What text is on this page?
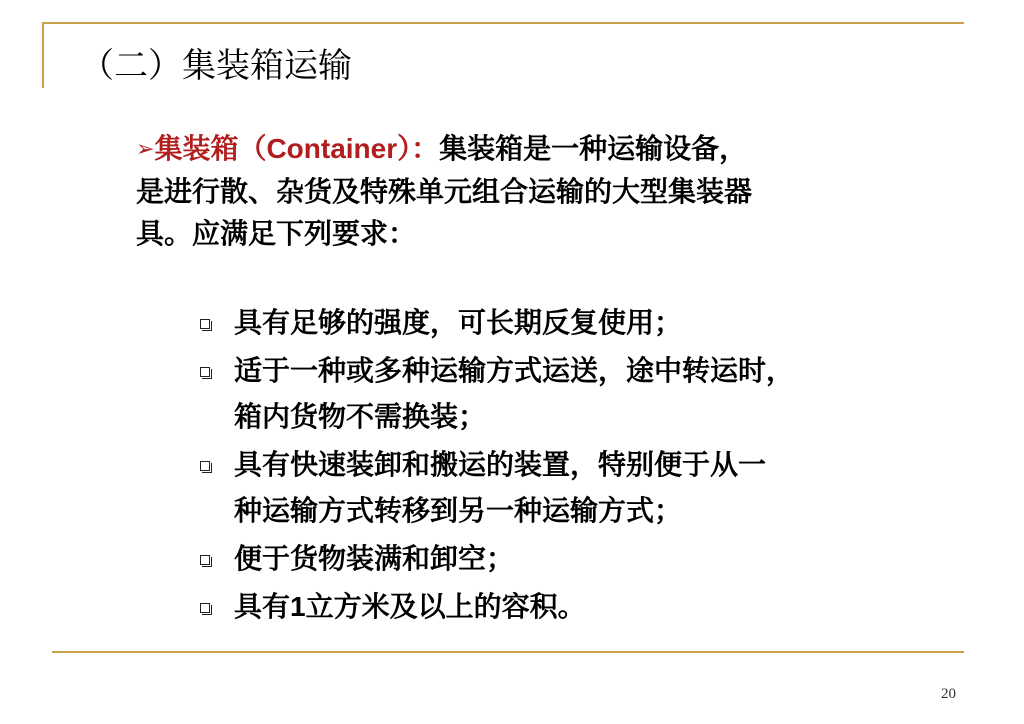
（二）集装箱运输
➢集装箱（Container）：集装箱是一种运输设备，
是进行散、杂货及特殊单元组合运输的大型集装器
具。应满足下列要求：
具有足够的强度，可长期反复使用；
适于一种或多种运输方式运送，途中转运时，
箱内货物不需换装；
具有快速装卸和搬运的装置，特别便于从一
种运输方式转移到另一种运输方式；
便于货物装满和卸空；
具有1立方米及以上的容积。
20
